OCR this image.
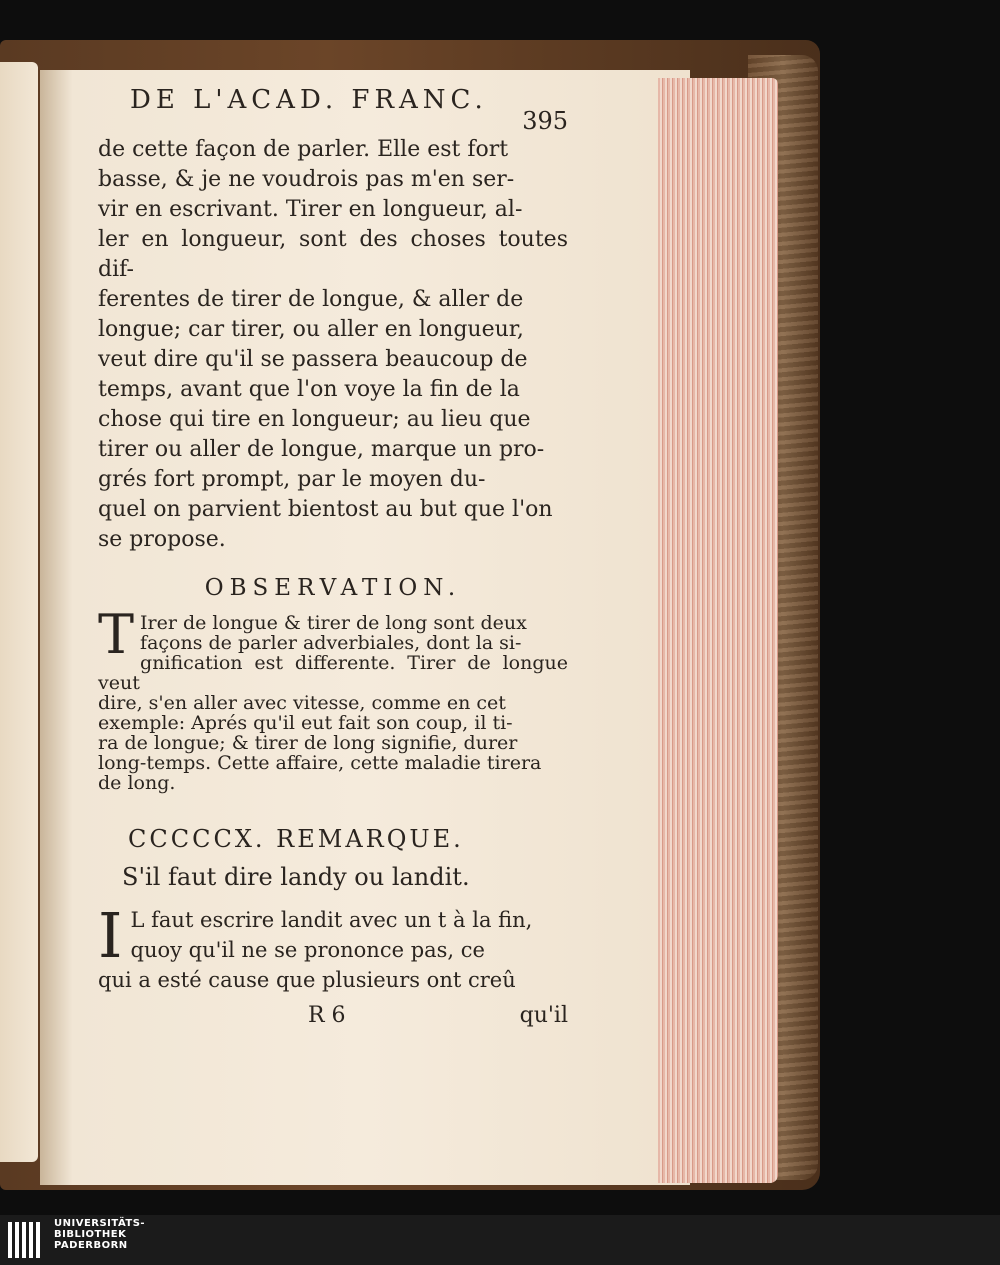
DE L'ACAD. FRANC.
395

de cette façon de parler. Elle est fort

basse, & je ne voudrois pas m'en ser-

vir en escrivant. Tirer en longueur, al-

ler en longueur, sont des choses toutes dif-

ferentes de tirer de longue, & aller de

longue; car tirer, ou aller en longueur,

veut dire qu'il se passera beaucoup de

temps, avant que l'on voye la fin de la

chose qui tire en longueur; au lieu que

tirer ou aller de longue, marque un pro-

grés fort prompt, par le moyen du-

quel on parvient bientost au but que l'on

se propose.

OBSERVATION.
T Irer de longue & tirer de long sont deux

façons de parler adverbiales, dont la si-

gnification est differente. Tirer de longue veut

dire, s'en aller avec vitesse, comme en cet

exemple: Aprés qu'il eut fait son coup, il ti-

ra de longue; & tirer de long signifie, durer

long-temps. Cette affaire, cette maladie tirera

de long.

CCCCCX. REMARQUE.
S'il faut dire landy ou landit.
I L faut escrire landit avec un t à la fin,

quoy qu'il ne se prononce pas, ce

qui a esté cause que plusieurs ont creû

R 6	qu'il
UNIVERSITÄTS-
BIBLIOTHEK
PADERBORN
